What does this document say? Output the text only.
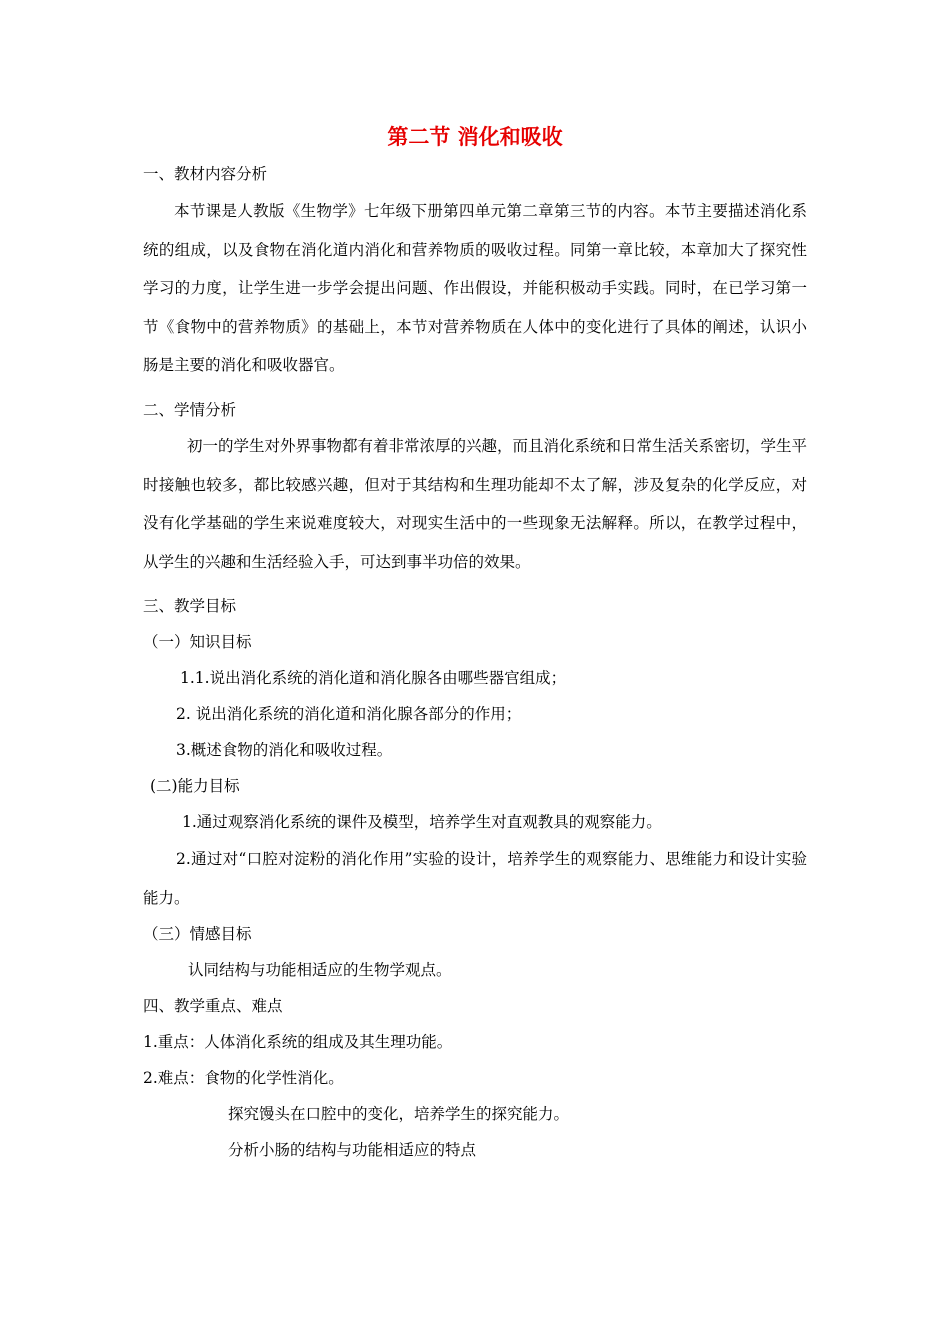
第二节 消化和吸收
一、教材内容分析
本节课是人教版《生物学》七年级下册第四单元第二章第三节的内容。本节主要描述消化系统的组成，以及食物在消化道内消化和营养物质的吸收过程。同第一章比较，本章加大了探究性学习的力度，让学生进一步学会提出问题、作出假设，并能积极动手实践。同时，在已学习第一节《食物中的营养物质》的基础上，本节对营养物质在人体中的变化进行了具体的阐述，认识小肠是主要的消化和吸收器官。
二、学情分析
初一的学生对外界事物都有着非常浓厚的兴趣，而且消化系统和日常生活关系密切，学生平时接触也较多，都比较感兴趣，但对于其结构和生理功能却不太了解，涉及复杂的化学反应，对没有化学基础的学生来说难度较大，对现实生活中的一些现象无法解释。所以，在教学过程中，从学生的兴趣和生活经验入手，可达到事半功倍的效果。
三、教学目标
（一）知识目标
1.1.说出消化系统的消化道和消化腺各由哪些器官组成；
2. 说出消化系统的消化道和消化腺各部分的作用；
3.概述食物的消化和吸收过程。
(二)能力目标
1.通过观察消化系统的课件及模型，培养学生对直观教具的观察能力。
2.通过对“口腔对淀粉的消化作用”实验的设计，培养学生的观察能力、思维能力和设计实验能力。
（三）情感目标
认同结构与功能相适应的生物学观点。
四、教学重点、难点
1.重点：人体消化系统的组成及其生理功能。
2.难点：食物的化学性消化。
探究馒头在口腔中的变化，培养学生的探究能力。
分析小肠的结构与功能相适应的特点
